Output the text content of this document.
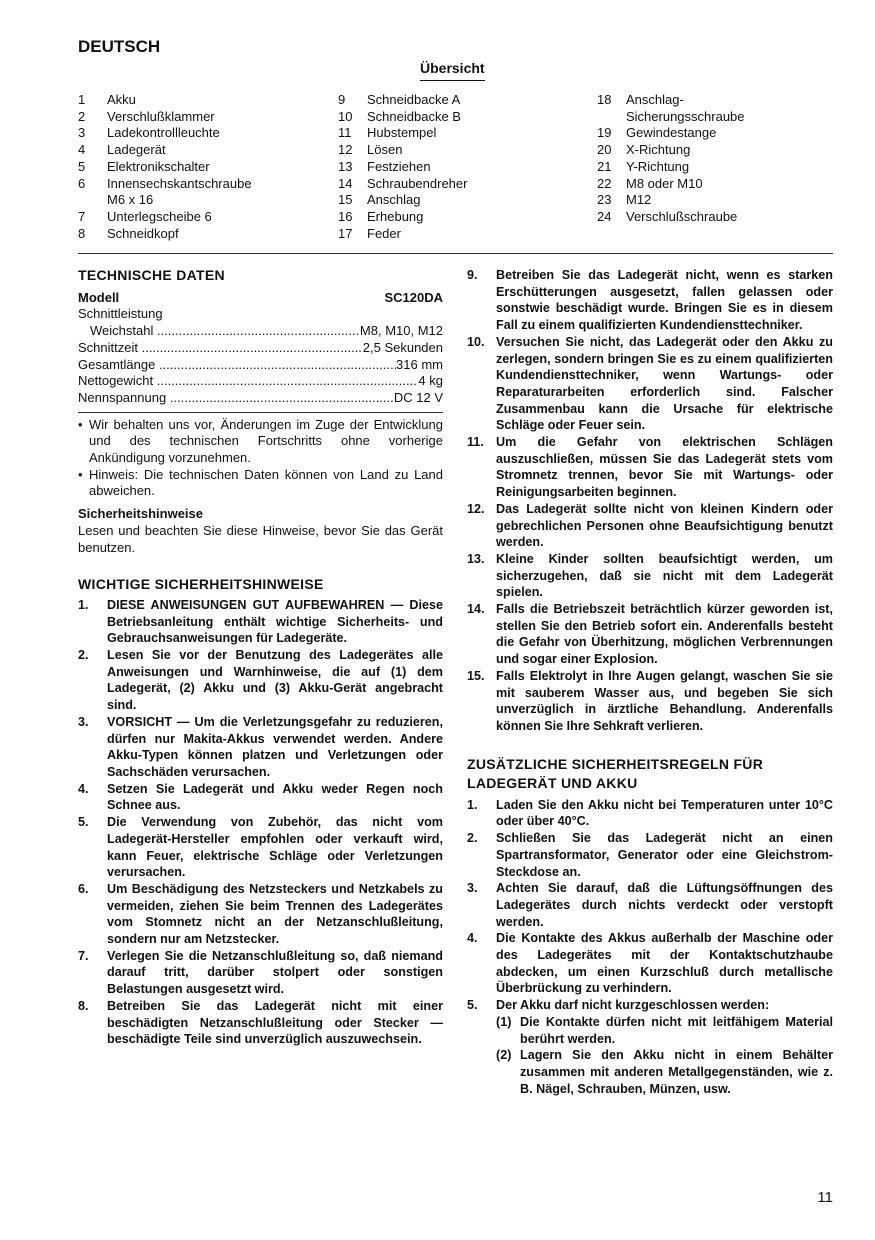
DEUTSCH
Übersicht
1	Akku
2	Verschlußklammer
3	Ladekontrollleuchte
4	Ladegerät
5	Elektronikschalter
6	Innensechskantschraube
M6 x 16
7	Unterlegscheibe 6
8	Schneidkopf
9	Schneidbacke A
10	Schneidbacke B
11	Hubstempel
12	Lösen
13	Festziehen
14	Schraubendreher
15	Anschlag
16	Erhebung
17	Feder
18	Anschlag-
Sicherungsschraube
19	Gewindestange
20	X-Richtung
21	Y-Richtung
22	M8 oder M10
23	M12
24	Verschlußschraube
TECHNISCHE DATEN
Modell	SC120DA
Schnittleistung
Weichstahl .....	M8, M10, M12
Schnittzeit .....	2,5 Sekunden
Gesamtlänge .....	316 mm
Nettogewicht .....	4 kg
Nennspannung .....	DC 12 V
• Wir behalten uns vor, Änderungen im Zuge der Entwicklung und des technischen Fortschritts ohne vorherige Ankündigung vorzunehmen.
• Hinweis: Die technischen Daten können von Land zu Land abweichen.
Sicherheitshinweise
Lesen und beachten Sie diese Hinweise, bevor Sie das Gerät benutzen.
WICHTIGE SICHERHEITSHINWEISE
1.	DIESE ANWEISUNGEN GUT AUFBEWAHREN — Diese Betriebsanleitung enthält wichtige Sicherheits- und Gebrauchsanweisungen für Ladegeräte.
2.	Lesen Sie vor der Benutzung des Ladegerätes alle Anweisungen und Warnhinweise, die auf (1) dem Ladegerät, (2) Akku und (3) Akku-Gerät angebracht sind.
3.	VORSICHT — Um die Verletzungsgefahr zu reduzieren, dürfen nur Makita-Akkus verwendet werden. Andere Akku-Typen können platzen und Verletzungen oder Sachschäden verursachen.
4.	Setzen Sie Ladegerät und Akku weder Regen noch Schnee aus.
5.	Die Verwendung von Zubehör, das nicht vom Ladegerät-Hersteller empfohlen oder verkauft wird, kann Feuer, elektrische Schläge oder Verletzungen verursachen.
6.	Um Beschädigung des Netzsteckers und Netzkabels zu vermeiden, ziehen Sie beim Trennen des Ladegerätes vom Stomnetz nicht an der Netzanschlußleitung, sondern nur am Netzstecker.
7.	Verlegen Sie die Netzanschlußleitung so, daß niemand darauf tritt, darüber stolpert oder sonstigen Belastungen ausgesetzt wird.
8.	Betreiben Sie das Ladegerät nicht mit einer beschädigten Netzanschlußleitung oder Stecker — beschädigte Teile sind unverzüglich auszuwechsein.
9.	Betreiben Sie das Ladegerät nicht, wenn es starken Erschütterungen ausgesetzt, fallen gelassen oder sonstwie beschädigt wurde. Bringen Sie es in diesem Fall zu einem qualifizierten Kundendiensttechniker.
10. Versuchen Sie nicht, das Ladegerät oder den Akku zu zerlegen, sondern bringen Sie es zu einem qualifizierten Kundendiensttechniker, wenn Wartungs- oder Reparaturarbeiten erforderlich sind. Falscher Zusammenbau kann die Ursache für elektrische Schläge oder Feuer sein.
11. Um die Gefahr von elektrischen Schlägen auszuschließen, müssen Sie das Ladegerät stets vom Stromnetz trennen, bevor Sie mit Wartungs- oder Reinigungsarbeiten beginnen.
12. Das Ladegerät sollte nicht von kleinen Kindern oder gebrechlichen Personen ohne Beaufsichtigung benutzt werden.
13. Kleine Kinder sollten beaufsichtigt werden, um sicherzugehen, daß sie nicht mit dem Ladegerät spielen.
14. Falls die Betriebszeit beträchtlich kürzer geworden ist, stellen Sie den Betrieb sofort ein. Anderenfalls besteht die Gefahr von Überhitzung, möglichen Verbrennungen und sogar einer Explosion.
15. Falls Elektrolyt in Ihre Augen gelangt, waschen Sie sie mit sauberem Wasser aus, und begeben Sie sich unverzüglich in ärztliche Behandlung. Anderenfalls können Sie Ihre Sehkraft verlieren.
ZUSÄTZLICHE SICHERHEITSREGELN FÜR LADEGERÄT UND AKKU
1.	Laden Sie den Akku nicht bei Temperaturen unter 10°C oder über 40°C.
2.	Schließen Sie das Ladegerät nicht an einen Spartransformator, Generator oder eine Gleichstrom-Steckdose an.
3.	Achten Sie darauf, daß die Lüftungsöffnungen des Ladegerätes durch nichts verdeckt oder verstopft werden.
4.	Die Kontakte des Akkus außerhalb der Maschine oder des Ladegerätes mit der Kontaktschutzhaube abdecken, um einen Kurzschluß durch metallische Überbrückung zu verhindern.
5.	Der Akku darf nicht kurzgeschlossen werden:
(1) Die Kontakte dürfen nicht mit leitfähigem Material berührt werden.
(2) Lagern Sie den Akku nicht in einem Behälter zusammen mit anderen Metallgegenständen, wie z. B. Nägel, Schrauben, Münzen, usw.
11
